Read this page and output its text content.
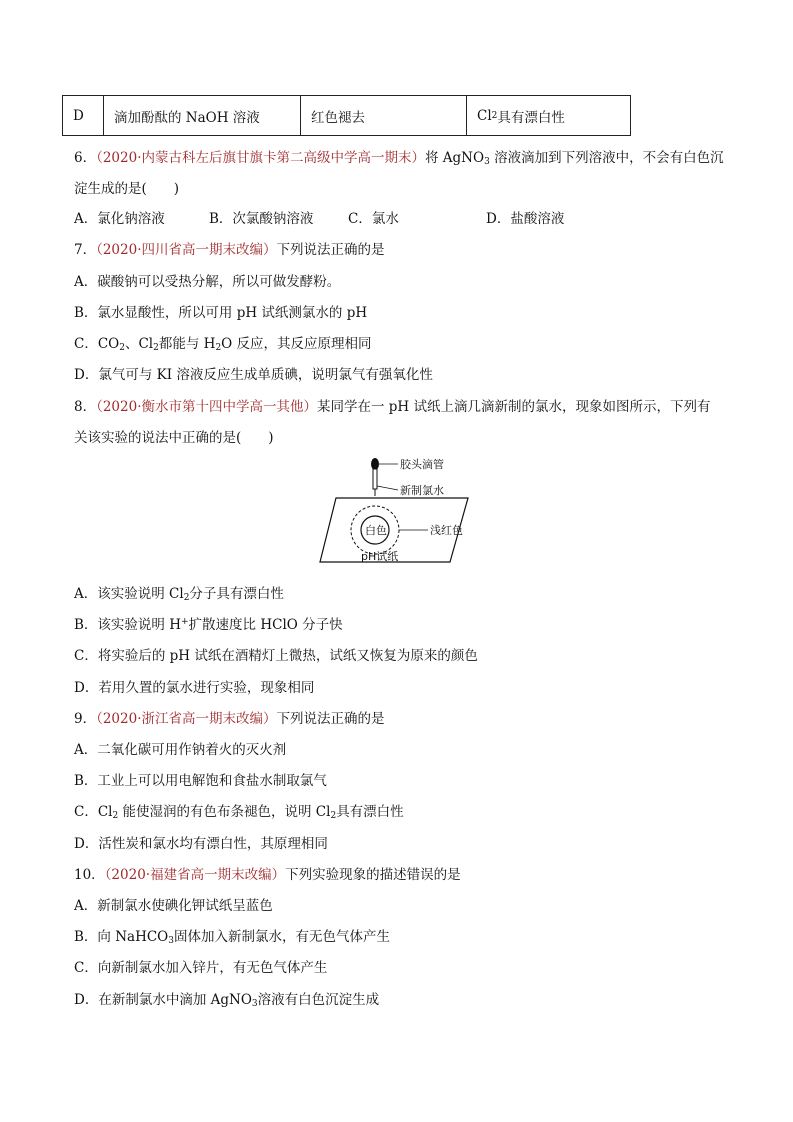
D 滴加酚酞的 NaOH 溶液	红色褪去	Cl 2 具有漂白性
6．（2020·内蒙古科左后旗甘旗卡第二高级中学高一期末）将 AgNO$_3$ 溶液滴加到下列溶液中，不会有白色沉
淀生成的是(　　)
A．氯化钠溶液	B．次氯酸钠溶液	C．氯水	D．盐酸溶液
7．（2020·四川省高一期末改编）下列说法正确的是
A．碳酸钠可以受热分解，所以可做发酵粉。
B．氯水显酸性，所以可用 pH 试纸测氯水的 pH
C．$CO_2$、$Cl_2$都能与 $H_2O$ 反应，其反应原理相同
D．氯气可与 KI 溶液反应生成单质碘，说明氯气有强氧化性
8．（2020·衡水市第十四中学高一其他）某同学在一 pH 试纸上滴几滴新制的氯水，现象如图所示，下列有
关该实验的说法中正确的是(　　)
胶头滴管
新制氯水
白色	浅红色
pH试纸
A．该实验说明 $Cl_2$分子具有漂白性
B．该实验说明 H+扩散速度比 HClO 分子快
C．将实验后的 pH 试纸在酒精灯上微热，试纸又恢复为原来的颜色
D．若用久置的氯水进行实验，现象相同
9．（2020·浙江省高一期末改编）下列说法正确的是
A．二氧化碳可用作钠着火的灭火剂
B．工业上可以用电解饱和食盐水制取氯气
C．$Cl_2$ 能使湿润的有色布条褪色，说明 $Cl_2$具有漂白性
D．活性炭和氯水均有漂白性，其原理相同
10．（2020·福建省高一期末改编）下列实验现象的描述错误的是
A．新制氯水使碘化钾试纸呈蓝色
B．向 NaHCO$_3$固体加入新制氯水，有无色气体产生
C．向新制氯水加入锌片，有无色气体产生
D．在新制氯水中滴加 AgNO$_3$溶液有白色沉淀生成
